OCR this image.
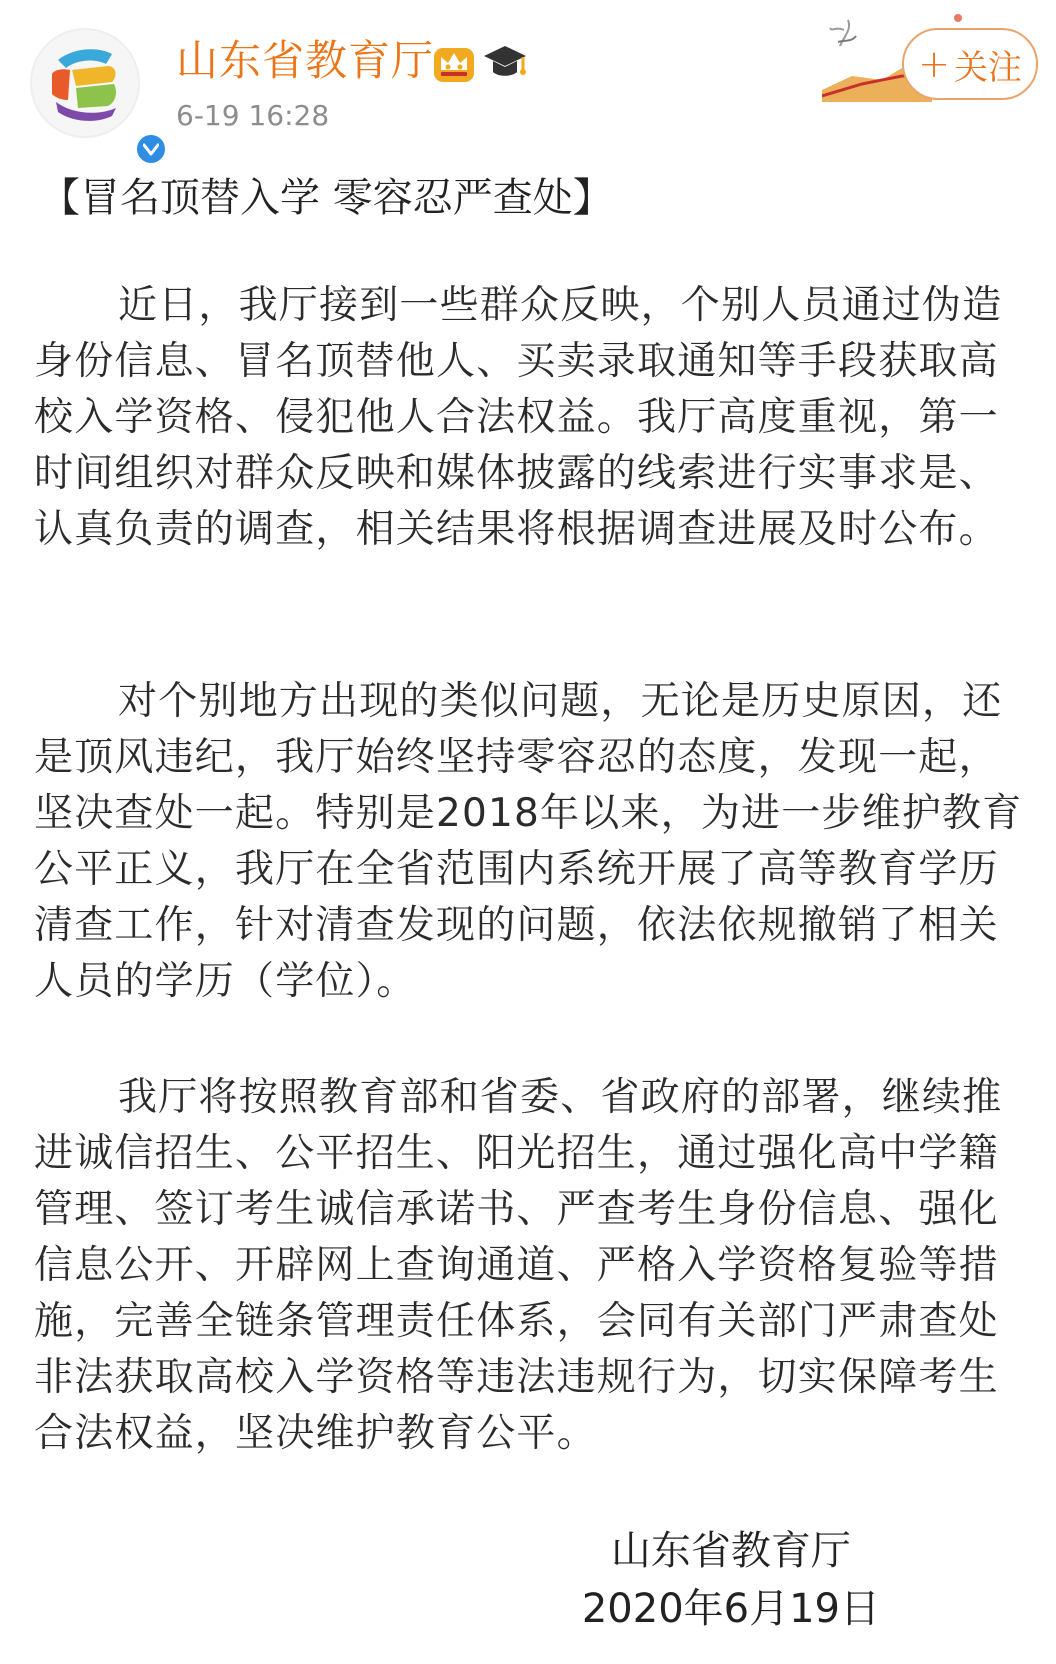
山东省教育厅
6-19 16:28
+ 关注
【冒名顶替入学 零容忍严查处】

近日，我厅接到一些群众反映，个别人员通过伪造身份信息、冒名顶替他人、买卖录取通知等手段获取高校入学资格、侵犯他人合法权益。我厅高度重视，第一时间组织对群众反映和媒体披露的线索进行实事求是、认真负责的调查，相关结果将根据调查进展及时公布。

对个别地方出现的类似问题，无论是历史原因，还是顶风违纪，我厅始终坚持零容忍的态度，发现一起，坚决查处一起。特别是2018年以来，为进一步维护教育公平正义，我厅在全省范围内系统开展了高等教育学历清查工作，针对清查发现的问题，依法依规撤销了相关人员的学历（学位）。

我厅将按照教育部和省委、省政府的部署，继续推进诚信招生、公平招生、阳光招生，通过强化高中学籍管理、签订考生诚信承诺书、严查考生身份信息、强化信息公开、开辟网上查询通道、严格入学资格复验等措施，完善全链条管理责任体系，会同有关部门严肃查处非法获取高校入学资格等违法违规行为，切实保障考生合法权益，坚决维护教育公平。

山东省教育厅
2020年6月19日
